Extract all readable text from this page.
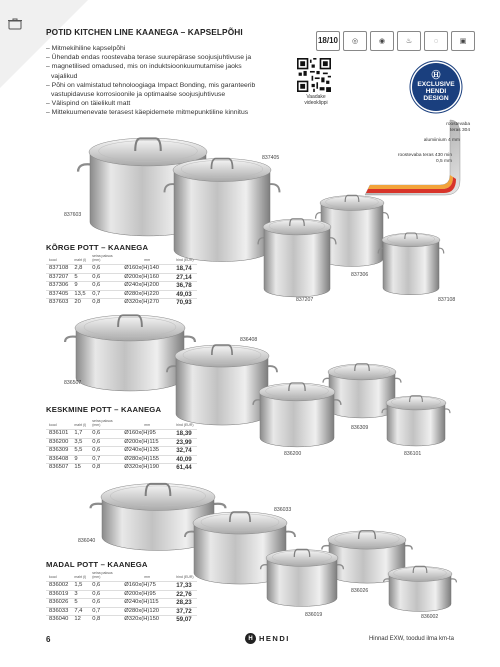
POTID KITCHEN LINE KAANEGA – KAPSELPÕHI
– Mitmekihiline kapselpõhi
– Ühendab endas roostevaba terase suurepärase soojusjuhtivuse ja
– magnetilised omadused, mis on induktsioonkuumutamise jaoks
vajalikud
– Põhi on valmistatud tehnoloogiaga Impact Bonding, mis garanteerib
vastupidavuse korrosioonile ja optimaalse soojusjuhtivuse
– Välispind on täielikult matt
– Mittekuumenevate terasest käepidemete mitmepunktiline kinnitus
18/10 ◎	◉	♨	◌	▣
Vaadake videoklippi
Ⓗ
EXCLUSIVE
HENDI
DESIGN
roostevaba teras 304
alumiinium 4 mm
roostevaba teras 430 min 0,5 mm
KÕRGE POTT – KAANEGA
kood	maht (l)	seina paksus (mm)	mm	hind (EUR)
837108	2,8	0,6	Ø160x(H)140	18,74
837207	5	0,6	Ø200x(H)160	27,14
837306	9	0,6	Ø240x(H)200	36,78
837405	13,5	0,7	Ø280x(H)220	49,03
837603	20	0,8	Ø320x(H)270	70,93
KESKMINE POTT – KAANEGA
kood	maht (l)	seina paksus (mm)	mm	hind (EUR)
836101	1,7	0,6	Ø160x(H)95	18,39
836200	3,5	0,6	Ø200x(H)115	23,99
836309	5,5	0,6	Ø240x(H)135	32,74
836408	9	0,7	Ø280x(H)155	40,09
836507	15	0,8	Ø320x(H)190	61,44
MADAL POTT – KAANEGA
kood	maht (l)	seina paksus (mm)	mm	hind (EUR)
836002	1,5	0,6	Ø160x(H)75	17,33
836019	3	0,6	Ø200x(H)95	22,76
836026	5	0,6	Ø240x(H)115	28,23
836033	7,4	0,7	Ø280x(H)120	37,72
836040	12	0,8	Ø320x(H)150	59,07
837405
837603
837306
837207	837108
836408
836507
836309
836200	836101
836033
836040
836026
836019	836002
6	H HENDI	Hinnad EXW, toodud ilma km-ta
